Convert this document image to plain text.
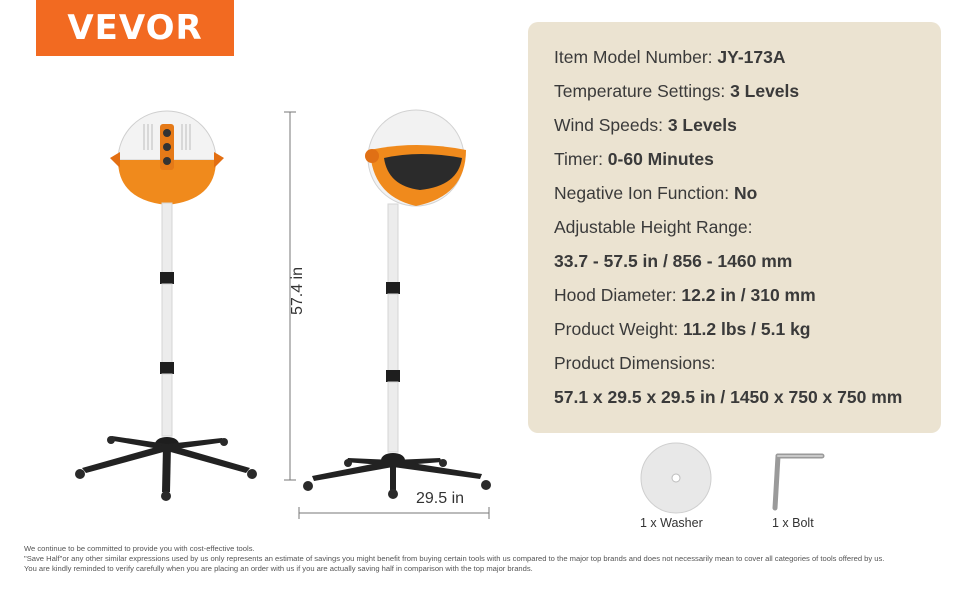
VEVOR
57.4 in
29.5 in
Item Model Number: JY-173A
Temperature Settings: 3 Levels
Wind Speeds: 3 Levels
Timer: 0-60 Minutes
Negative Ion Function: No
Adjustable Height Range:
33.7 - 57.5 in / 856 - 1460 mm
Hood Diameter: 12.2 in / 310 mm
Product Weight: 11.2 lbs / 5.1 kg
Product Dimensions:
57.1 x 29.5 x 29.5 in / 1450 x 750 x 750 mm
1 x Washer	1 x Bolt
We continue to be committed to provide you with cost-effective tools.
"Save Half"or any other similar expressions used by us only represents an estimate of savings you might benefit from buying certain tools with us compared to the major top brands and does not necessarily mean to cover all categories of tools offered by us.
You are kindly reminded to verify carefully when you are placing an order with us if you are actually saving half in comparison with the top major brands.
